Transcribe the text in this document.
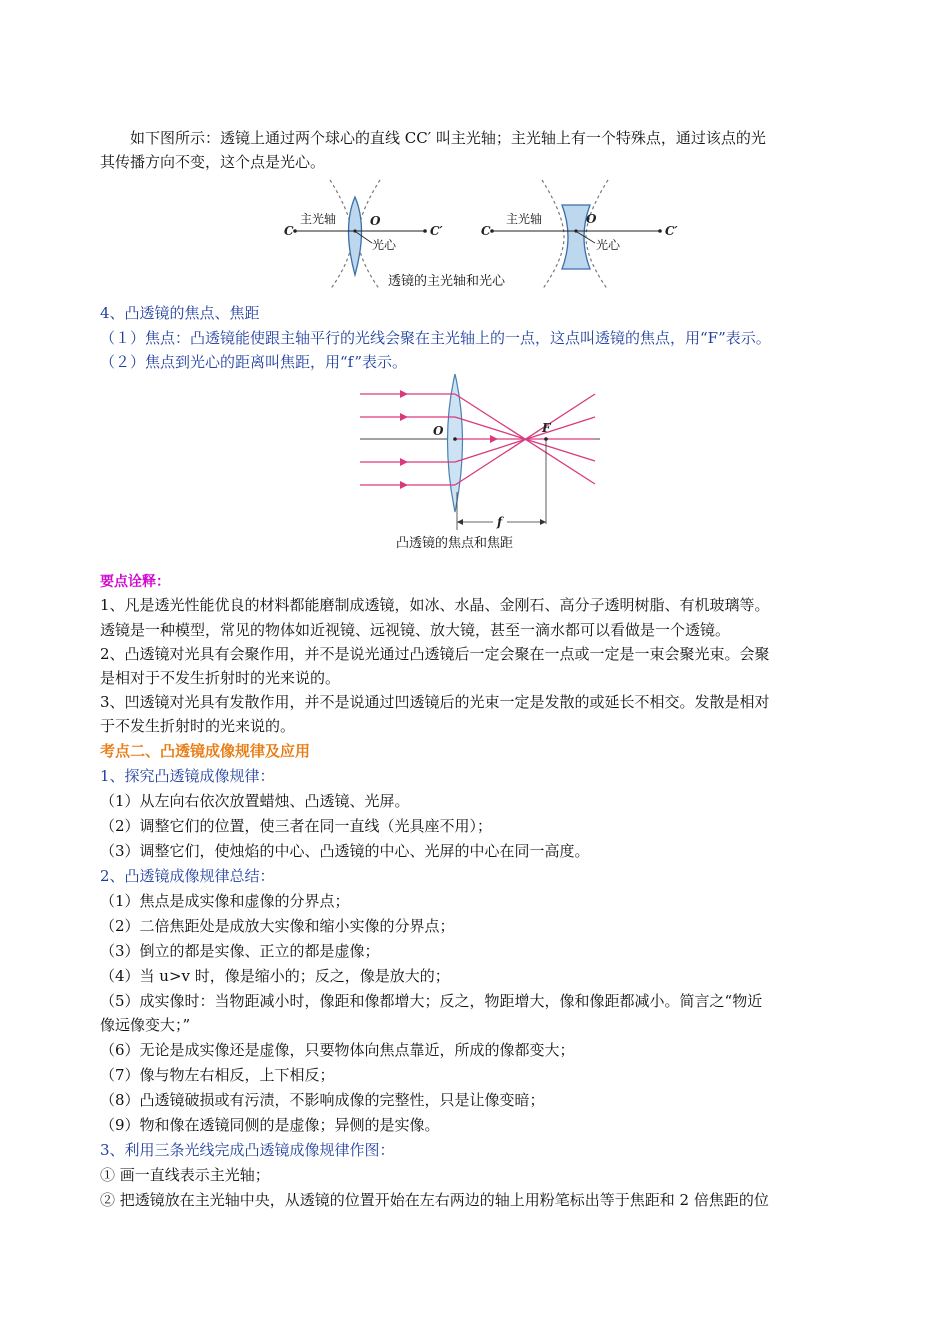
如下图所示：透镜上通过两个球心的直线 CC′ 叫主光轴；主光轴上有一个特殊点，通过该点的光
其传播方向不变，这个点是光心。
C	C′
O
主光轴
光心
C	C′
O
主光轴
光心
透镜的主光轴和光心
4、凸透镜的焦点、焦距
（１）焦点：凸透镜能使跟主轴平行的光线会聚在主光轴上的一点，这点叫透镜的焦点，用“F”表示。
（２）焦点到光心的距离叫焦距，用“f”表示。
f
O	F
凸透镜的焦点和焦距
要点诠释：
1、凡是透光性能优良的材料都能磨制成透镜，如冰、水晶、金刚石、高分子透明树脂、有机玻璃等。
透镜是一种模型，常见的物体如近视镜、远视镜、放大镜，甚至一滴水都可以看做是一个透镜。
2、凸透镜对光具有会聚作用，并不是说光通过凸透镜后一定会聚在一点或一定是一束会聚光束。会聚
是相对于不发生折射时的光来说的。
3、凹透镜对光具有发散作用，并不是说通过凹透镜后的光束一定是发散的或延长不相交。发散是相对
于不发生折射时的光来说的。
考点二、凸透镜成像规律及应用
1、探究凸透镜成像规律：
（1）从左向右依次放置蜡烛、凸透镜、光屏。
（2）调整它们的位置，使三者在同一直线（光具座不用）；
（3）调整它们，使烛焰的中心、凸透镜的中心、光屏的中心在同一高度。
2、凸透镜成像规律总结：
（1）焦点是成实像和虚像的分界点；
（2）二倍焦距处是成放大实像和缩小实像的分界点；
（3）倒立的都是实像、正立的都是虚像；
（4）当 u>v 时，像是缩小的；反之，像是放大的；
（5）成实像时：当物距减小时，像距和像都增大；反之，物距增大，像和像距都减小。简言之“物近
像远像变大；”
（6）无论是成实像还是虚像，只要物体向焦点靠近，所成的像都变大；
（7）像与物左右相反，上下相反；
（8）凸透镜破损或有污渍，不影响成像的完整性，只是让像变暗；
（9）物和像在透镜同侧的是虚像；异侧的是实像。
3、利用三条光线完成凸透镜成像规律作图：
① 画一直线表示主光轴；
② 把透镜放在主光轴中央，从透镜的位置开始在左右两边的轴上用粉笔标出等于焦距和 2 倍焦距的位
